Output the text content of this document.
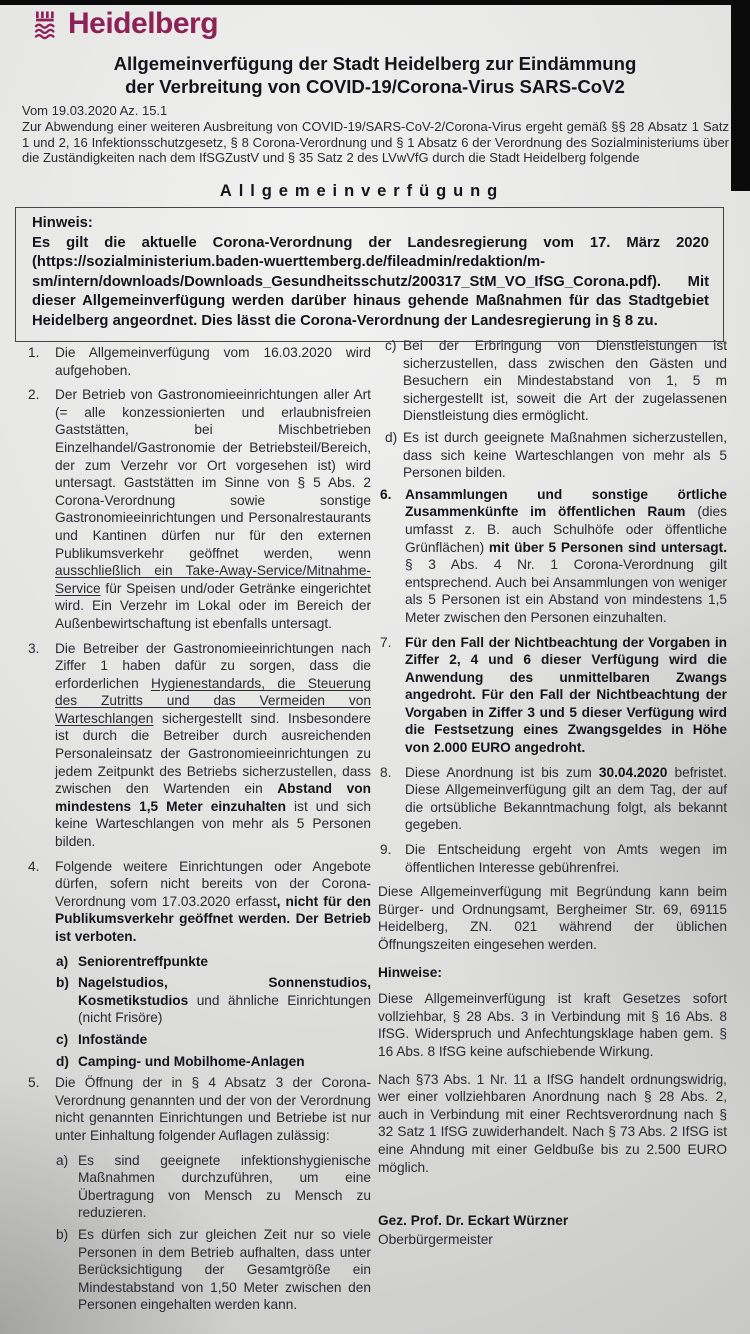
Heidelberg
Allgemeinverfügung der Stadt Heidelberg zur Eindämmung
der Verbreitung von COVID-19/Corona-Virus SARS-CoV2
Vom 19.03.2020 Az. 15.1
Zur Abwendung einer weiteren Ausbreitung von COVID-19/SARS-CoV-2/Corona-Virus ergeht gemäß §§ 28 Absatz 1 Satz 1 und 2, 16 Infektionsschutzgesetz, § 8 Corona-Verordnung und § 1 Absatz 6 der Verordnung des Sozialministeriums über die Zuständigkeiten nach dem IfSGZustV und § 35 Satz 2 des LVwVfG durch die Stadt Heidelberg folgende
Allgemeinverfügung
Hinweis:
Es gilt die aktuelle Corona-Verordnung der Landesregierung vom 17. März 2020 (https://sozialministerium.baden-wuerttemberg.de/fileadmin/redaktion/m-sm/intern/downloads/Downloads_Gesundheitsschutz/200317_StM_VO_IfSG_Corona.pdf). Mit dieser Allgemeinverfügung werden darüber hinaus gehende Maßnahmen für das Stadtgebiet Heidelberg angeordnet. Dies lässt die Corona-Verordnung der Landesregierung in § 8 zu.
1.	Die Allgemeinverfügung vom 16.03.2020 wird aufgehoben.
2.	Der Betrieb von Gastronomieeinrichtungen aller Art (= alle konzessionierten und erlaubnisfreien Gaststätten, bei Mischbetrieben Einzelhandel/Gastronomie der Betriebsteil/Bereich, der zum Verzehr vor Ort vorgesehen ist) wird untersagt. Gaststätten im Sinne von § 5 Abs. 2 Corona-Verordnung sowie sonstige Gastronomieeinrichtungen und Personalrestaurants und Kantinen dürfen nur für den externen Publikumsverkehr geöffnet werden, wenn ausschließlich ein Take-Away-Service/Mitnahme-Service für Speisen und/oder Getränke eingerichtet wird. Ein Verzehr im Lokal oder im Bereich der Außenbewirtschaftung ist ebenfalls untersagt.
3.	Die Betreiber der Gastronomieeinrichtungen nach Ziffer 1 haben dafür zu sorgen, dass die erforderlichen Hygienestandards, die Steuerung des Zutritts und das Vermeiden von Warteschlangen sichergestellt sind. Insbesondere ist durch die Betreiber durch ausreichenden Personaleinsatz der Gastronomieeinrichtungen zu jedem Zeitpunkt des Betriebs sicherzustellen, dass zwischen den Wartenden ein Abstand von mindestens 1,5 Meter einzuhalten ist und sich keine Warteschlangen von mehr als 5 Personen bilden.
4.	Folgende weitere Einrichtungen oder Angebote dürfen, sofern nicht bereits von der Corona-Verordnung vom 17.03.2020 erfasst, nicht für den Publikumsverkehr geöffnet werden. Der Betrieb ist verboten.
a) Seniorentreffpunkte
b) Nagelstudios, Sonnenstudios, Kosmetikstudios und ähnliche Einrichtungen (nicht Frisöre)
c) Infostände
d) Camping- und Mobilhome-Anlagen
5.	Die Öffnung der in § 4 Absatz 3 der Corona-Verordnung genannten und der von der Verordnung nicht genannten Einrichtungen und Betriebe ist nur unter Einhaltung folgender Auflagen zulässig:
a) Es sind geeignete infektionshygienische Maßnahmen durchzuführen, um eine Übertragung von Mensch zu Mensch zu reduzieren.
b) Es dürfen sich zur gleichen Zeit nur so viele Personen in dem Betrieb aufhalten, dass unter Berücksichtigung der Gesamtgröße ein Mindestabstand von 1,50 Meter zwischen den Personen eingehalten werden kann.
c) Bei der Erbringung von Dienstleistungen ist sicherzustellen, dass zwischen den Gästen und Besuchern ein Mindestabstand von 1, 5 m sichergestellt ist, soweit die Art der zugelassenen Dienstleistung dies ermöglicht.
d) Es ist durch geeignete Maßnahmen sicherzustellen, dass sich keine Warteschlangen von mehr als 5 Personen bilden.
6. Ansammlungen und sonstige örtliche Zusammenkünfte im öffentlichen Raum (dies umfasst z. B. auch Schulhöfe oder öffentliche Grünflächen) mit über 5 Personen sind untersagt. § 3 Abs. 4 Nr. 1 Corona-Verordnung gilt entsprechend. Auch bei Ansammlungen von weniger als 5 Personen ist ein Abstand von mindestens 1,5 Meter zwischen den Personen einzuhalten.
7. Für den Fall der Nichtbeachtung der Vorgaben in Ziffer 2, 4 und 6 dieser Verfügung wird die Anwendung des unmittelbaren Zwangs angedroht. Für den Fall der Nichtbeachtung der Vorgaben in Ziffer 3 und 5 dieser Verfügung wird die Festsetzung eines Zwangsgeldes in Höhe von 2.000 EURO angedroht.
8. Diese Anordnung ist bis zum 30.04.2020 befristet. Diese Allgemeinverfügung gilt an dem Tag, der auf die ortsübliche Bekanntmachung folgt, als bekannt gegeben.
9. Die Entscheidung ergeht von Amts wegen im öffentlichen Interesse gebührenfrei.
Diese Allgemeinverfügung mit Begründung kann beim Bürger- und Ordnungsamt, Bergheimer Str. 69, 69115 Heidelberg, ZN. 021 während der üblichen Öffnungszeiten eingesehen werden.
Hinweise:
Diese Allgemeinverfügung ist kraft Gesetzes sofort vollziehbar, § 28 Abs. 3 in Verbindung mit § 16 Abs. 8 IfSG. Widerspruch und Anfechtungsklage haben gem. § 16 Abs. 8 IfSG keine aufschiebende Wirkung.
Nach §73 Abs. 1 Nr. 11 a IfSG handelt ordnungswidrig, wer einer vollziehbaren Anordnung nach § 28 Abs. 2, auch in Verbindung mit einer Rechtsverordnung nach § 32 Satz 1 IfSG zuwiderhandelt. Nach § 73 Abs. 2 IfSG ist eine Ahndung mit einer Geldbuße bis zu 2.500 EURO möglich.
Gez. Prof. Dr. Eckart Würzner
Oberbürgermeister
